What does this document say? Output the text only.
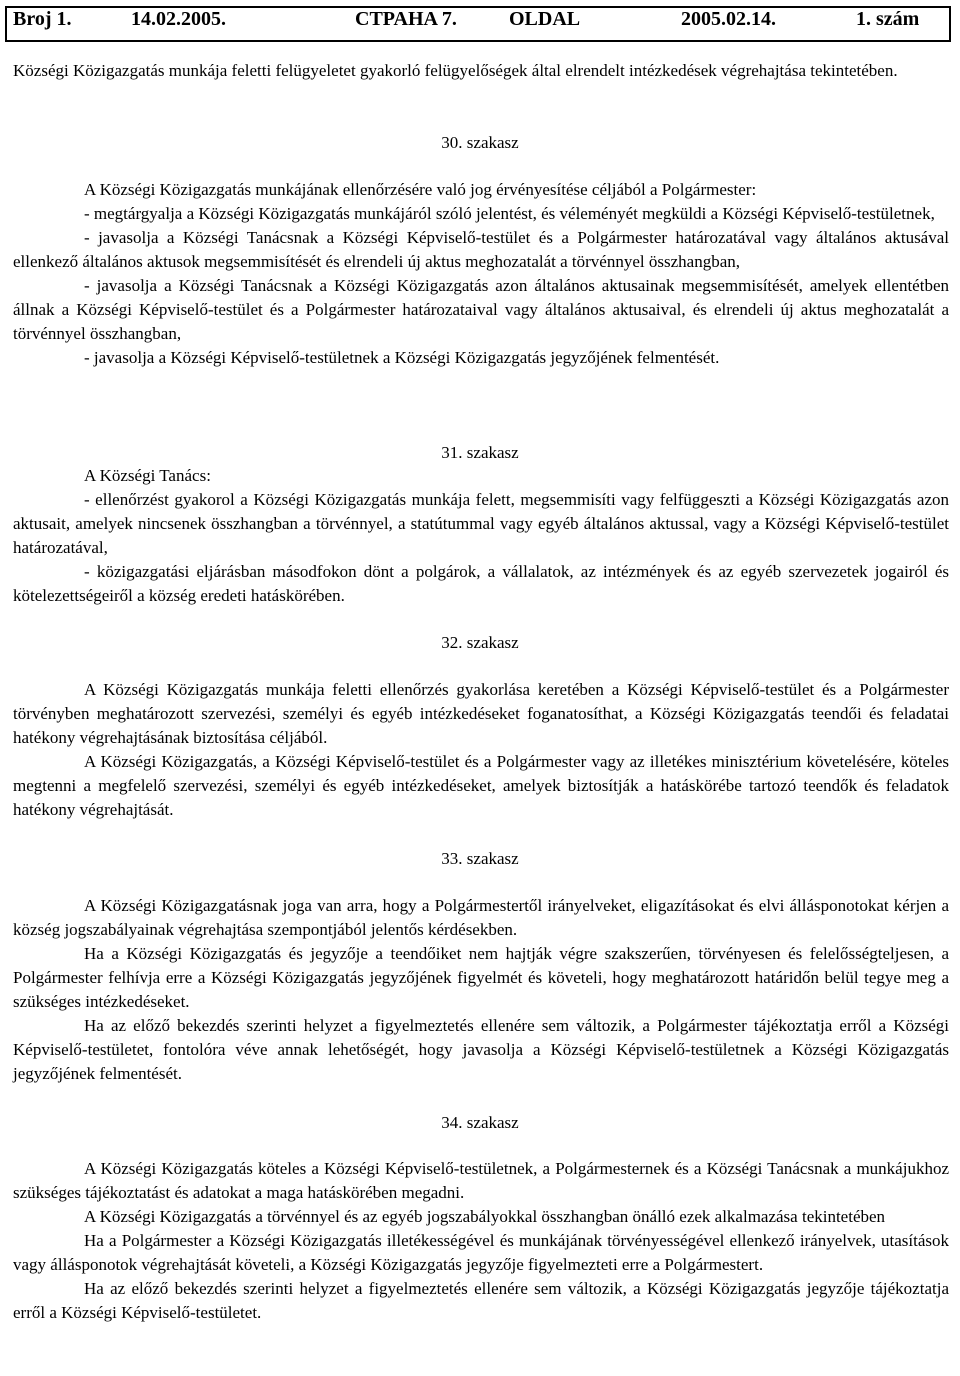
Broj 1.	14.02.2005.	CTPAHA 7.	OLDAL	2005.02.14.	1. szám
Községi Közigazgatás munkája feletti felügyeletet gyakorló felügyelőségek által elrendelt intézkedések végrehajtása tekintetében.
30. szakasz

A Községi Közigazgatás munkájának ellenőrzésére való jog érvényesítése céljából a Polgármester:

- megtárgyalja a Községi Közigazgatás munkájáról szóló jelentést, és véleményét megküldi a Községi Képviselő-testületnek,

- javasolja a Községi Tanácsnak a Községi Képviselő-testület és a Polgármester határozatával vagy általános aktusával ellenkező általános aktusok megsemmisítését és elrendeli új aktus meghozatalát a törvénnyel összhangban,

- javasolja a Községi Tanácsnak a Községi Közigazgatás azon általános aktusainak megsemmisítését, amelyek ellentétben állnak a Községi Képviselő-testület és a Polgármester határozataival vagy általános aktusaival, és elrendeli új aktus meghozatalát a törvénnyel összhangban,

- javasolja a Községi Képviselő-testületnek a Községi Közigazgatás jegyzőjének felmentését.

31. szakasz

A Községi Tanács:

- ellenőrzést gyakorol a Községi Közigazgatás munkája felett, megsemmisíti vagy felfüggeszti a Községi Közigazgatás azon aktusait, amelyek nincsenek összhangban a törvénnyel, a statútummal vagy egyéb általános aktussal, vagy a Községi Képviselő-testület határozatával,

- közigazgatási eljárásban másodfokon dönt a polgárok, a vállalatok, az intézmények és az egyéb szervezetek jogairól és kötelezettségeiről a község eredeti hatáskörében.

32. szakasz

A Községi Közigazgatás munkája feletti ellenőrzés gyakorlása keretében a Községi Képviselő-testület és a Polgármester törvényben meghatározott szervezési, személyi és egyéb intézkedéseket foganatosíthat, a Községi Közigazgatás teendői és feladatai hatékony végrehajtásának biztosítása céljából.

A Községi Közigazgatás, a Községi Képviselő-testület és a Polgármester vagy az illetékes minisztérium követelésére, köteles megtenni a megfelelő szervezési, személyi és egyéb intézkedéseket, amelyek biztosítják a hatáskörébe tartozó teendők és feladatok hatékony végrehajtását.

33. szakasz

A Községi Közigazgatásnak joga van arra, hogy a Polgármestertől irányelveket, eligazításokat és elvi állásponotokat kérjen a község jogszabályainak végrehajtása szempontjából jelentős kérdésekben.

Ha a Községi Közigazgatás és jegyzője a teendőiket nem hajtják végre szakszerűen, törvényesen és felelősségteljesen, a Polgármester felhívja erre a Községi Közigazgatás jegyzőjének figyelmét és követeli, hogy meghatározott határidőn belül tegye meg a szükséges intézkedéseket.

Ha az előző bekezdés szerinti helyzet a figyelmeztetés ellenére sem változik, a Polgármester tájékoztatja erről a Községi Képviselő-testületet, fontolóra véve annak lehetőségét, hogy javasolja a Községi Képviselő-testületnek a Községi Közigazgatás jegyzőjének felmentését.

34. szakasz

A Községi Közigazgatás köteles a Községi Képviselő-testületnek, a Polgármesternek és a Községi Tanácsnak a munkájukhoz szükséges tájékoztatást és adatokat a maga hatáskörében megadni.

A Községi Közigazgatás a törvénnyel és az egyéb jogszabályokkal összhangban önálló ezek alkalmazása tekintetében

Ha a Polgármester a Községi Közigazgatás illetékességével és munkájának törvényességével ellenkező irányelvek, utasítások vagy állásponotok végrehajtását követeli, a Községi Közigazgatás jegyzője figyelmezteti erre a Polgármestert.

Ha az előző bekezdés szerinti helyzet a figyelmeztetés ellenére sem változik, a Községi Közigazgatás jegyzője tájékoztatja erről a Községi Képviselő-testületet.
